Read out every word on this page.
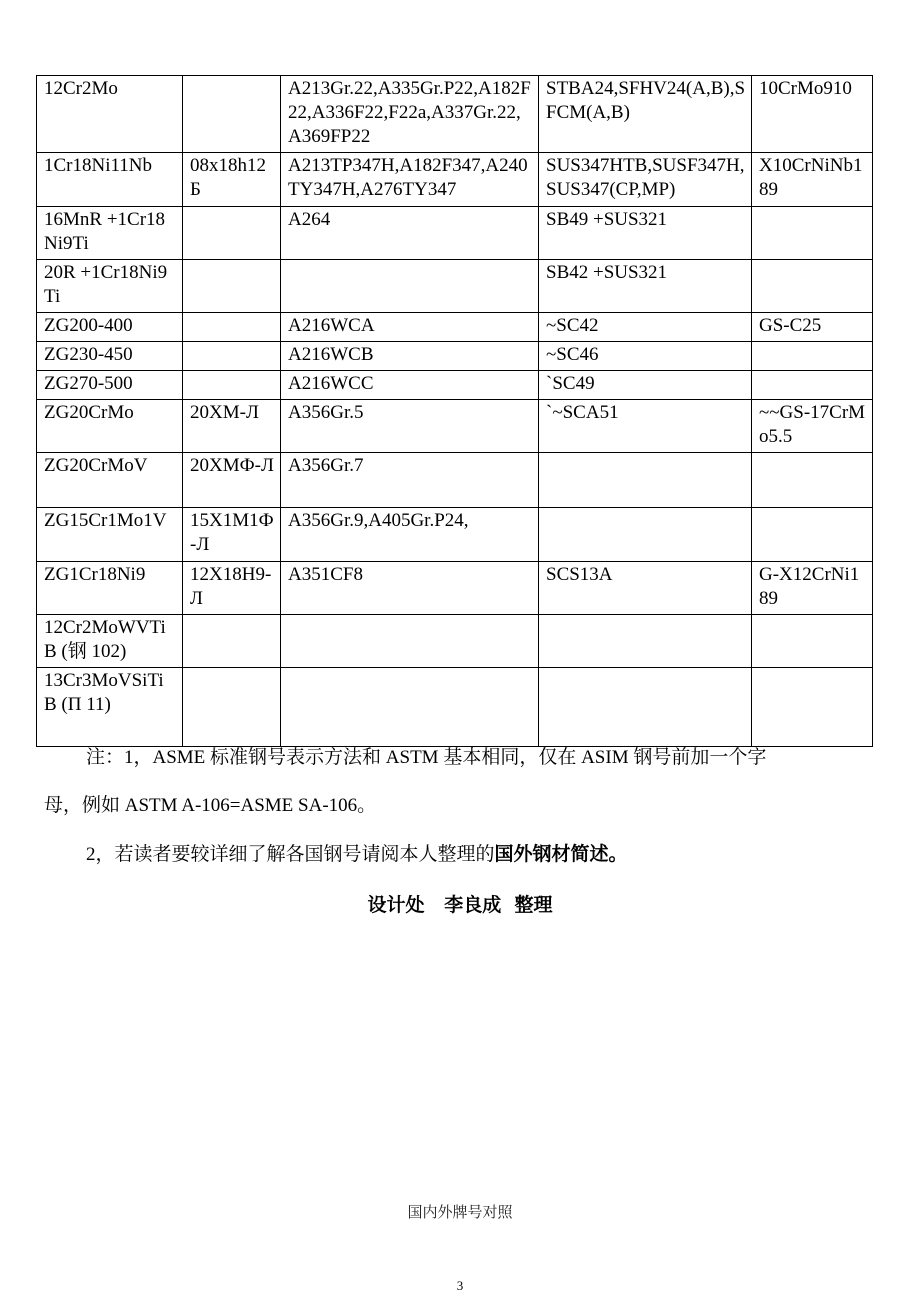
12Cr2Mo		A213Gr.22,A335Gr.P22,A182F22,A336F22,F22a,A337Gr.22,A369FP22	STBA24,SFHV24(A,B),SFCM(A,B)	10CrMo910
1Cr18Ni11Nb	08x18h12Б	A213TP347H,A182F347,A240TY347H,A276TY347	SUS347HTB,SUSF347H,SUS347(CP,MP)	X10CrNiNb189
16MnR +1Cr18Ni9Ti		A264	SB49 +SUS321	
20R +1Cr18Ni9Ti			SB42 +SUS321	
ZG200-400		A216WCA	~SC42	GS-C25
ZG230-450		A216WCB	~SC46	
ZG270-500		A216WCC	`SC49	
ZG20CrMo	20XM-Л	A356Gr.5	`~SCA51	~~GS-17CrMo5.5
ZG20CrMoV	20XMФ-Л	A356Gr.7		
ZG15Cr1Mo1V	15X1M1Ф-Л	A356Gr.9,A405Gr.P24,		
ZG1Cr18Ni9	12X18H9-Л	A351CF8	SCS13A	G-X12CrNi189
12Cr2MoWVTiB (钢 102)				
13Cr3MoVSiTiB (П 11)				
注：1，ASME 标准钢号表示方法和 ASTM 基本相同，仅在 ASIM 钢号前加一个字
母，例如 ASTM A-106=ASME SA-106。
2，若读者要较详细了解各国钢号请阅本人整理的国外钢材简述。
设计处   李良成  整理
国内外牌号对照
3
